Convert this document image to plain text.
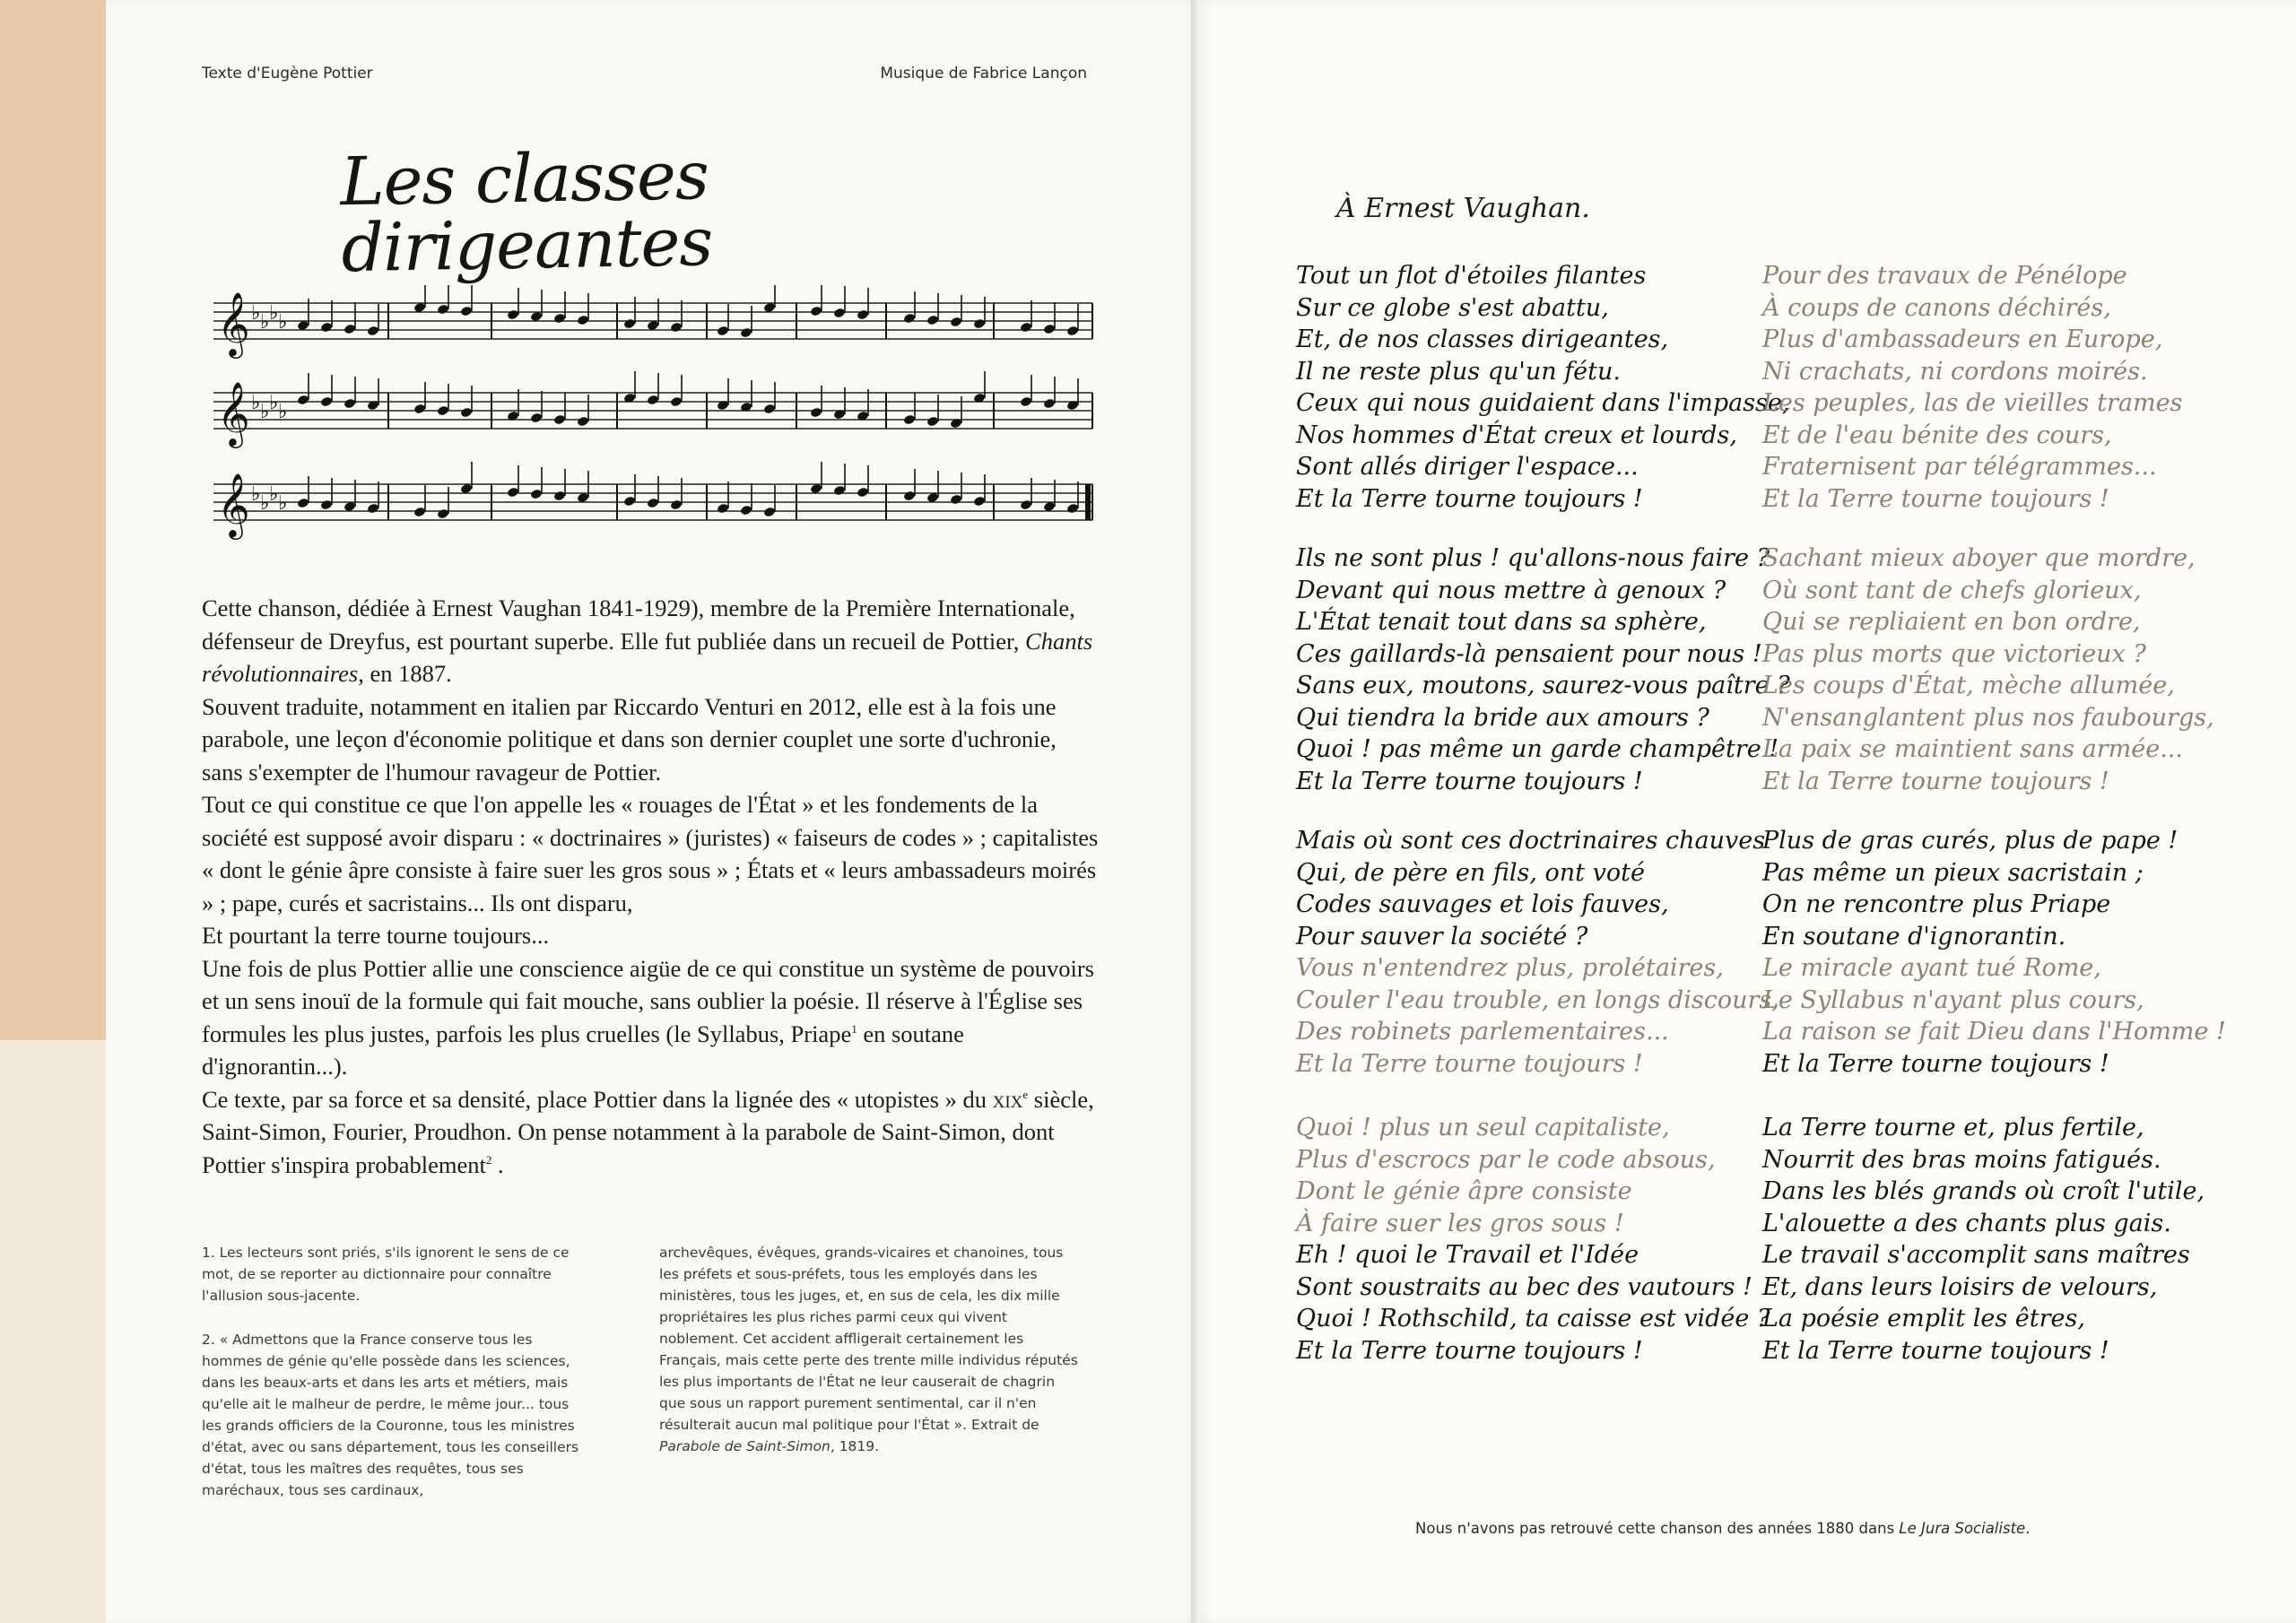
Texte d'Eugène Pottier	Musique de Fabrice Lançon
Les classes dirigeantes
𝄞 ♭ ♭ ♭ ♭
𝄞 ♭ ♭ ♭ ♭
𝄞 ♭ ♭ ♭ ♭

Cette chanson, dédiée à Ernest Vaughan 1841-1929), membre de la Première Internationale, défenseur de Dreyfus, est pourtant superbe. Elle fut publiée dans un recueil de Pottier, Chants révolutionnaires, en 1887.

Souvent traduite, notamment en italien par Riccardo Venturi en 2012, elle est à la fois une parabole, une leçon d'économie politique et dans son dernier couplet une sorte d'uchronie, sans s'exempter de l'humour ravageur de Pottier.

Tout ce qui constitue ce que l'on appelle les « rouages de l'État » et les fondements de la société est supposé avoir disparu : « doctrinaires » (juristes) « faiseurs de codes » ; capitalistes « dont le génie âpre consiste à faire suer les gros sous » ; États et « leurs ambassadeurs moirés » ; pape, curés et sacristains... Ils ont disparu,

Et pourtant la terre tourne toujours...

Une fois de plus Pottier allie une conscience aigüe de ce qui constitue un système de pouvoirs et un sens inouï de la formule qui fait mouche, sans oublier la poésie. Il réserve à l'Église ses formules les plus justes, parfois les plus cruelles (le Syllabus, Priape$^1$ en soutane d'ignorantin...).

Ce texte, par sa force et sa densité, place Pottier dans la lignée des « utopistes » du xix$^e$ siècle, Saint-Simon, Fourier, Proudhon. On pense notamment à la parabole de Saint-Simon, dont Pottier s'inspira probablement$^2$ .

1. Les lecteurs sont priés, s'ils ignorent le sens de ce mot, de se reporter au dictionnaire pour connaître l'allusion sous-jacente.

2. « Admettons que la France conserve tous les hommes de génie qu'elle possède dans les sciences, dans les beaux-arts et dans les arts et métiers, mais qu'elle ait le malheur de perdre, le même jour... tous les grands officiers de la Couronne, tous les ministres d'état, avec ou sans département, tous les conseillers d'état, tous les maîtres des requêtes, tous ses maréchaux, tous ses cardinaux,

archevêques, évêques, grands-vicaires et chanoines, tous les préfets et sous-préfets, tous les employés dans les ministères, tous les juges, et, en sus de cela, les dix mille propriétaires les plus riches parmi ceux qui vivent noblement. Cet accident affligerait certainement les Français, mais cette perte des trente mille individus réputés les plus importants de l'État ne leur causerait de chagrin que sous un rapport purement sentimental, car il n'en résulterait aucun mal politique pour l'État ». Extrait de Parabole de Saint-Simon, 1819.

À Ernest Vaughan.
Tout un flot d'étoiles filantes
Sur ce globe s'est abattu,
Et, de nos classes dirigeantes,
Il ne reste plus qu'un fétu.
Ceux qui nous guidaient dans l'impasse,
Nos hommes d'État creux et lourds,
Sont allés diriger l'espace...
Et la Terre tourne toujours !
Pour des travaux de Pénélope
À coups de canons déchirés,
Plus d'ambassadeurs en Europe,
Ni crachats, ni cordons moirés.
Les peuples, las de vieilles trames
Et de l'eau bénite des cours,
Fraternisent par télégrammes...
Et la Terre tourne toujours !
Ils ne sont plus ! qu'allons-nous faire ?
Devant qui nous mettre à genoux ?
L'État tenait tout dans sa sphère,
Ces gaillards-là pensaient pour nous !
Sans eux, moutons, saurez-vous paître ?
Qui tiendra la bride aux amours ?
Quoi ! pas même un garde champêtre !
Et la Terre tourne toujours !
Sachant mieux aboyer que mordre,
Où sont tant de chefs glorieux,
Qui se repliaient en bon ordre,
Pas plus morts que victorieux ?
Les coups d'État, mèche allumée,
N'ensanglantent plus nos faubourgs,
La paix se maintient sans armée...
Et la Terre tourne toujours !
Mais où sont ces doctrinaires chauves
Qui, de père en fils, ont voté
Codes sauvages et lois fauves,
Pour sauver la société ?
Vous n'entendrez plus, prolétaires,
Couler l'eau trouble, en longs discours,
Des robinets parlementaires...
Et la Terre tourne toujours !
Plus de gras curés, plus de pape !
Pas même un pieux sacristain ;
On ne rencontre plus Priape
En soutane d'ignorantin.
Le miracle ayant tué Rome,
Le Syllabus n'ayant plus cours,
La raison se fait Dieu dans l'Homme !
Et la Terre tourne toujours !
Quoi ! plus un seul capitaliste,
Plus d'escrocs par le code absous,
Dont le génie âpre consiste
À faire suer les gros sous !
Eh ! quoi le Travail et l'Idée
Sont soustraits au bec des vautours !
Quoi ! Rothschild, ta caisse est vidée ?
Et la Terre tourne toujours !
La Terre tourne et, plus fertile,
Nourrit des bras moins fatigués.
Dans les blés grands où croît l'utile,
L'alouette a des chants plus gais.
Le travail s'accomplit sans maîtres
Et, dans leurs loisirs de velours,
La poésie emplit les êtres,
Et la Terre tourne toujours !
Nous n'avons pas retrouvé cette chanson des années 1880 dans Le Jura Socialiste.
